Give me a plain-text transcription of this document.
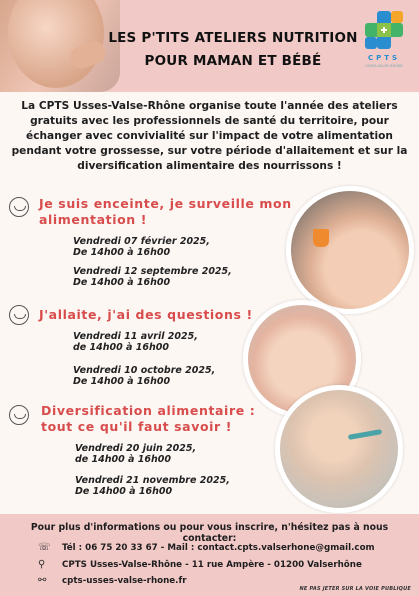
LES P'TITS ATELIERS NUTRITION
POUR MAMAN ET BÉBÉ	CPTS
USSES-VALSE-RHÔNE
La CPTS Usses-Valse-Rhône organise toute l'année des ateliers gratuits avec les professionnels de santé du territoire, pour échanger avec convivialité sur l'impact de votre alimentation pendant votre grossesse, sur votre période d'allaitement et sur la diversification alimentaire des nourrissons !
Je suis enceinte, je surveille mon
alimentation !
Vendredi 07 février 2025,
De 14h00 à 16h00
Vendredi 12 septembre 2025,
De 14h00 à 16h00
J'allaite, j'ai des questions !
Vendredi 11 avril 2025,
de 14h00 à 16h00
Vendredi 10 octobre 2025,
De 14h00 à 16h00
Diversification alimentaire :
tout ce qu'il faut savoir !
Vendredi 20 juin 2025,
de 14h00 à 16h00
Vendredi 21 novembre 2025,
De 14h00 à 16h00
Pour plus d'informations ou pour vous inscrire, n'hésitez pas à nous contacter:
☏ Tél : 06 75 20 33 67 - Mail : contact.cpts.valserhone@gmail.com
⚲	CPTS Usses-Valse-Rhône - 11 rue Ampère - 01200 Valserhône
⚯	cpts-usses-valse-rhone.fr
NE PAS JETER SUR LA VOIE PUBLIQUE
